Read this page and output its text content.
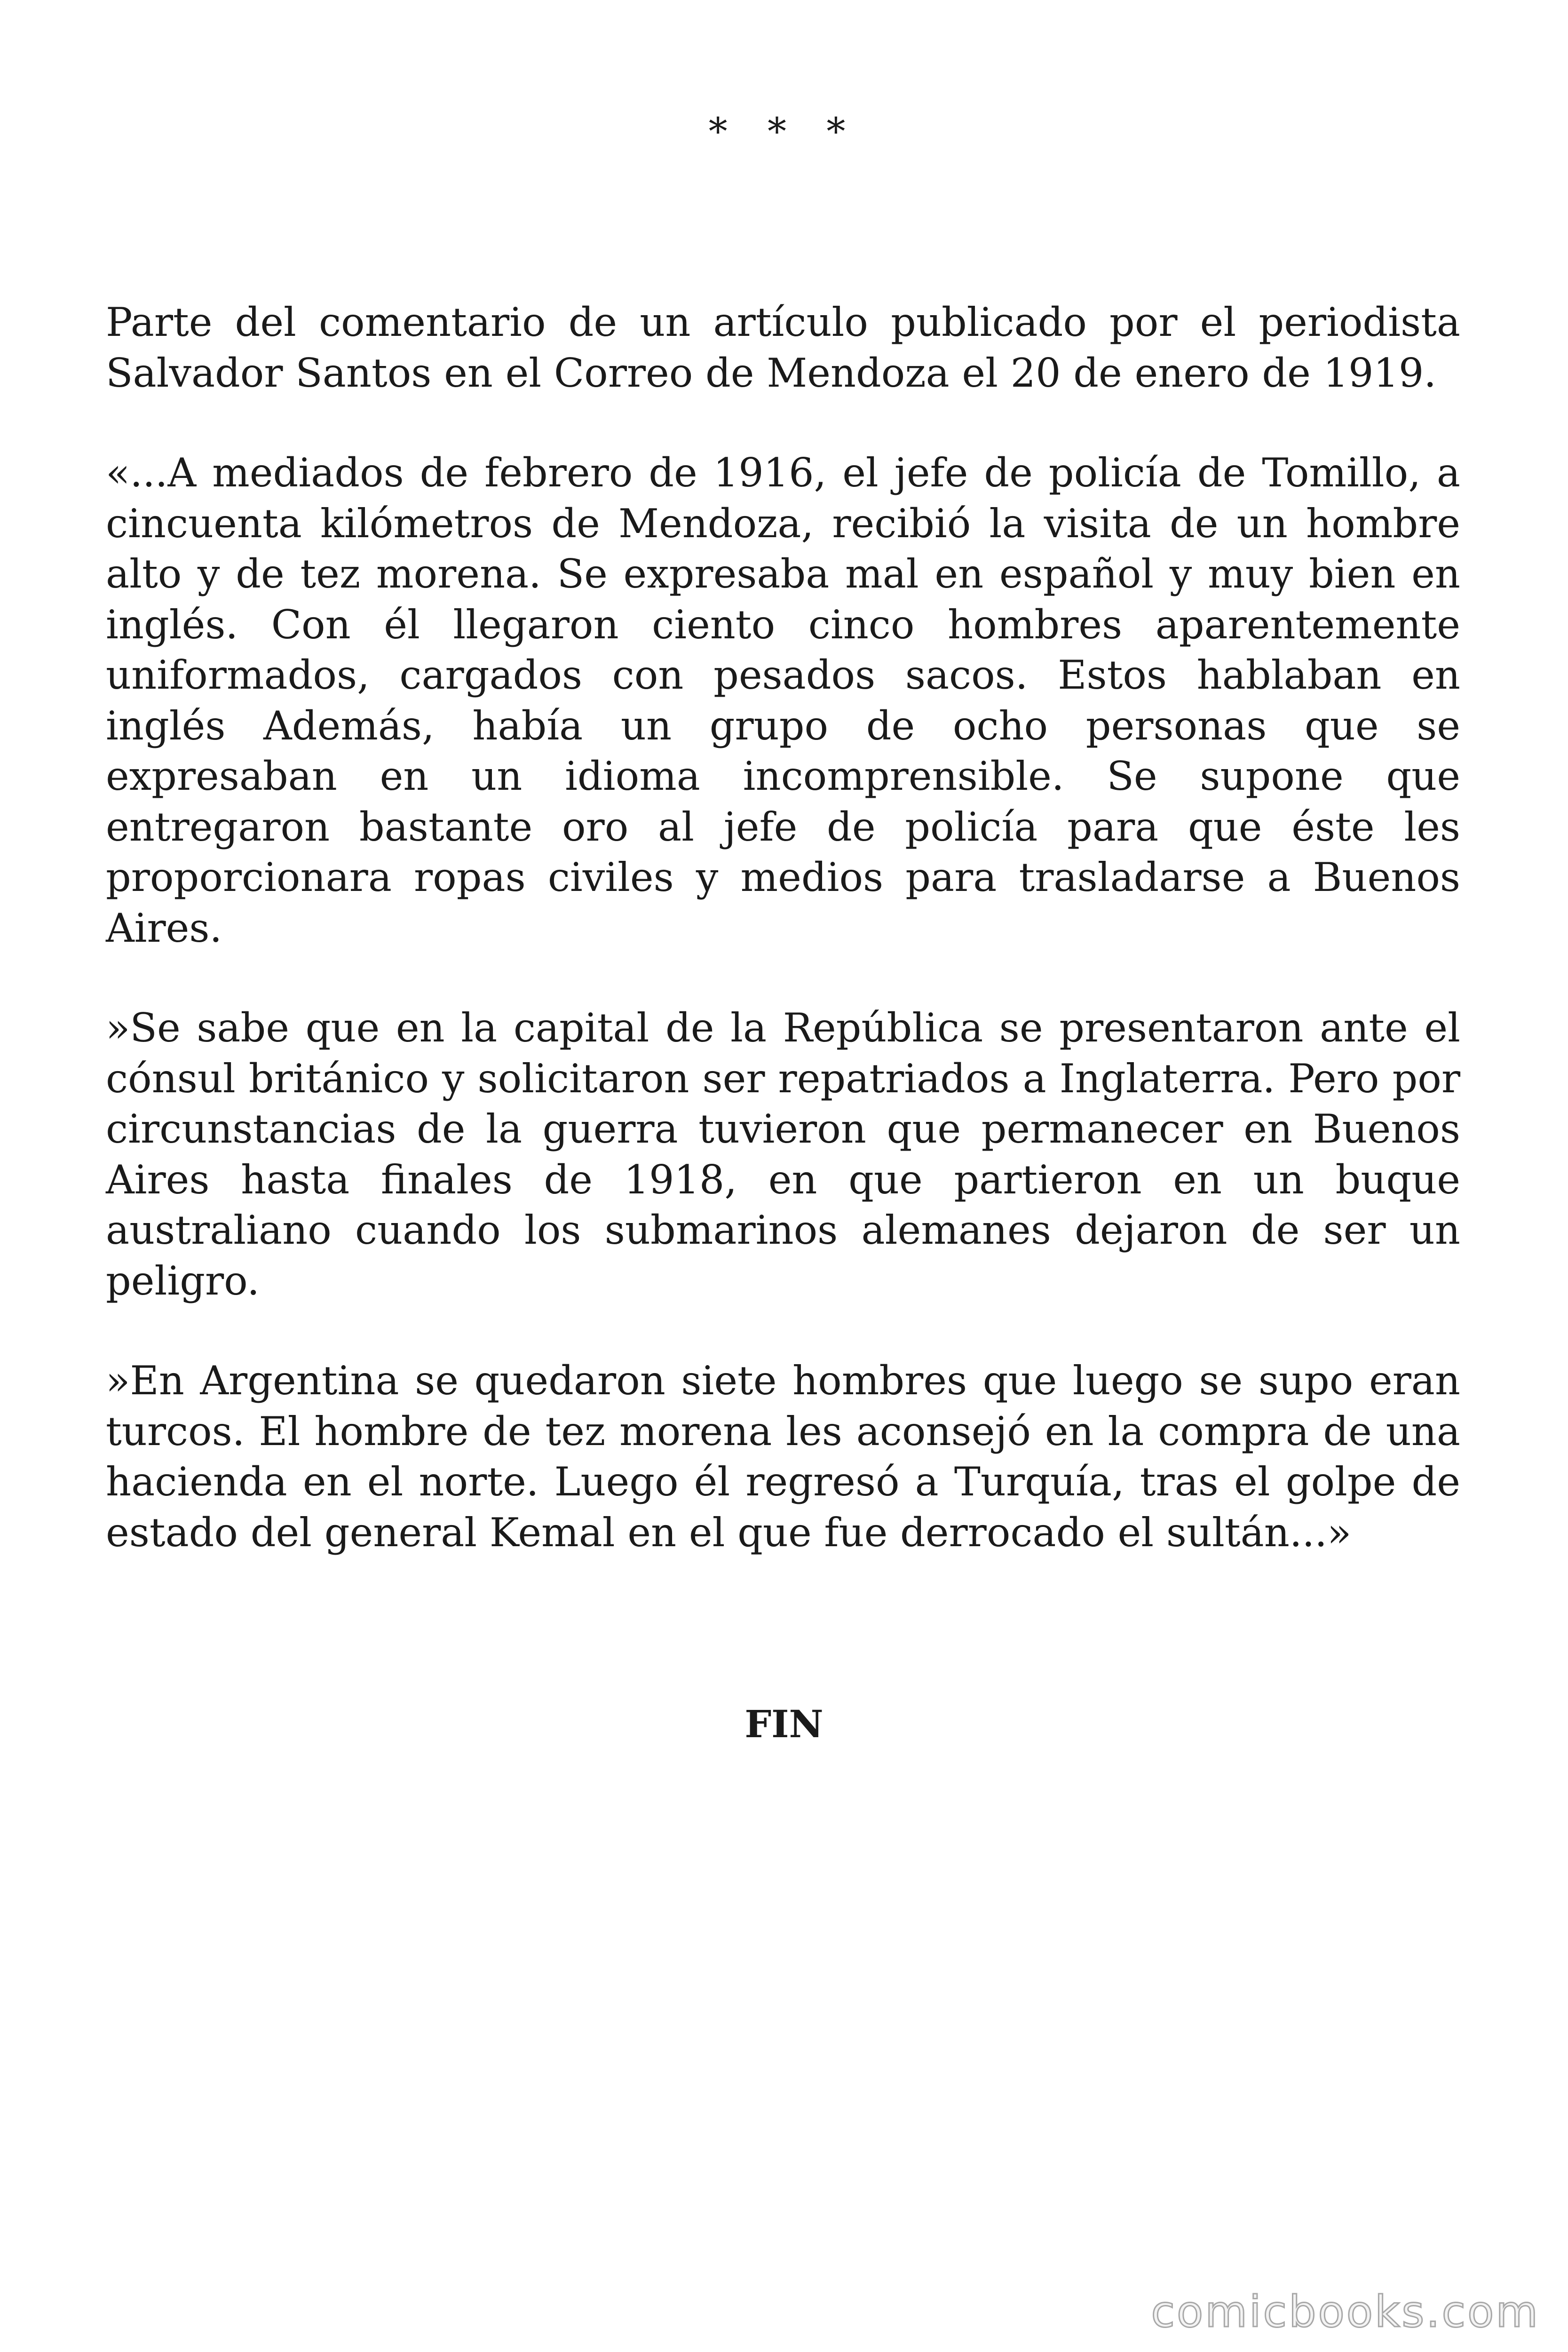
* * *

Parte del comentario de un artículo publicado por el periodista Salvador Santos en el Correo de Mendoza el 20 de enero de 1919.

«...A mediados de febrero de 1916, el jefe de policía de Tomillo, a cincuenta kilómetros de Mendoza, recibió la visita de un hombre alto y de tez morena. Se expresaba mal en español y muy bien en inglés. Con él llegaron ciento cinco hombres aparentemente uniformados, cargados con pesados sacos. Estos hablaban en inglés Además, había un grupo de ocho personas que se expresaban en un idioma incomprensible. Se supone que entregaron bastante oro al jefe de policía para que éste les proporcionara ropas civiles y medios para trasladarse a Buenos Aires.

»Se sabe que en la capital de la República se presentaron ante el cónsul británico y solicitaron ser repatriados a Inglaterra. Pero por circunstancias de la guerra tuvieron que permanecer en Buenos Aires hasta finales de 1918, en que partieron en un buque australiano cuando los submarinos alemanes dejaron de ser un peligro.

»En Argentina se quedaron siete hombres que luego se supo eran turcos. El hombre de tez morena les aconsejó en la compra de una hacienda en el norte. Luego él regresó a Turquía, tras el golpe de estado del general Kemal en el que fue derrocado el sultán...»

FIN
comicbooks.com
